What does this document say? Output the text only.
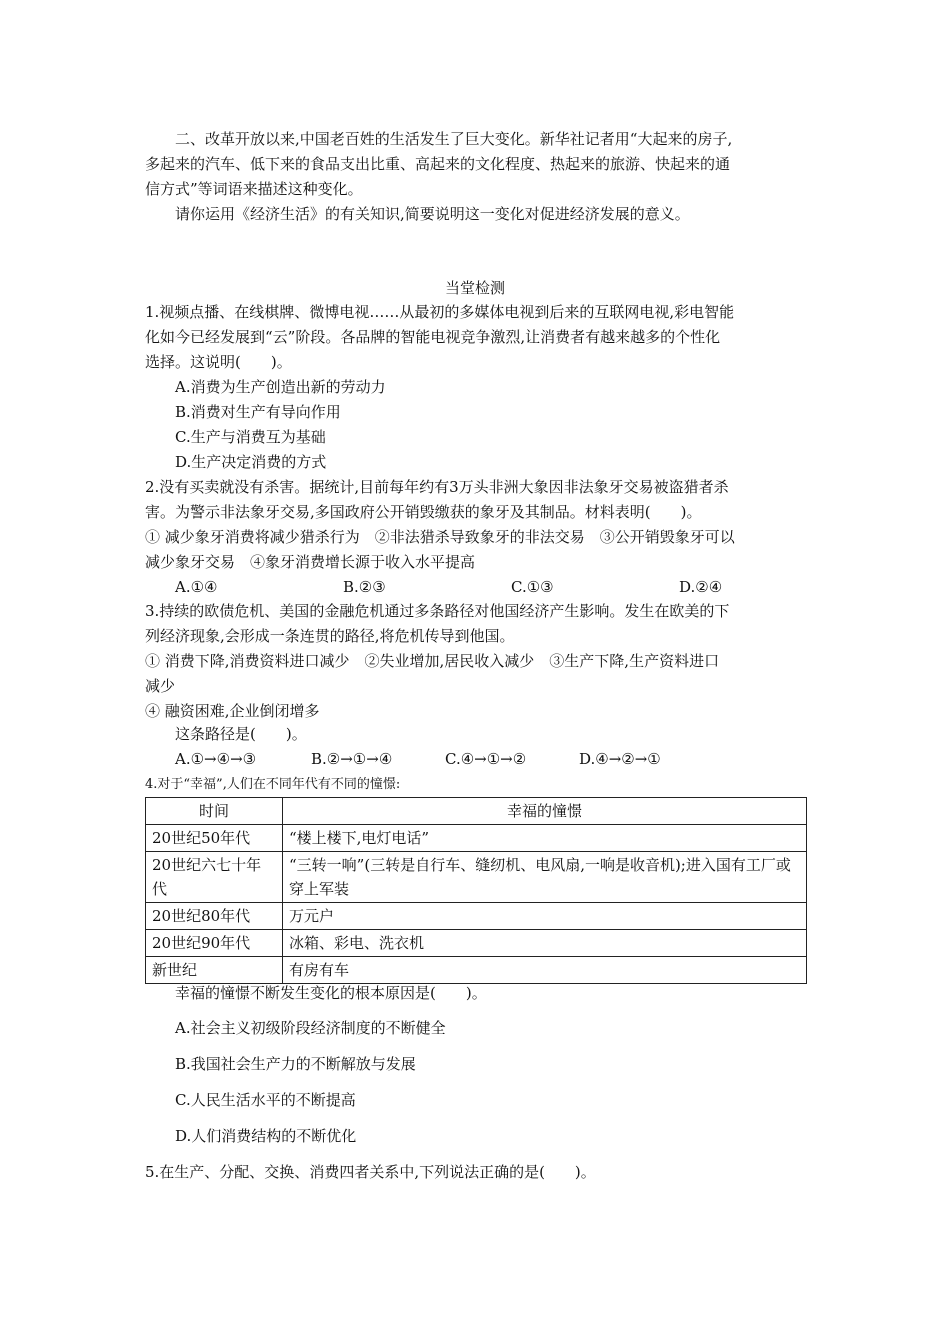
二、改革开放以来,中国老百姓的生活发生了巨大变化。新华社记者用“大起来的房子,
多起来的汽车、低下来的食品支出比重、高起来的文化程度、热起来的旅游、快起来的通
信方式”等词语来描述这种变化。
请你运用《经济生活》的有关知识,简要说明这一变化对促进经济发展的意义。
当堂检测
1.视频点播、在线棋牌、微博电视……从最初的多媒体电视到后来的互联网电视,彩电智能
化如今已经发展到“云”阶段。各品牌的智能电视竞争激烈,让消费者有越来越多的个性化
选择。这说明(　　)。
A.消费为生产创造出新的劳动力
B.消费对生产有导向作用
C.生产与消费互为基础
D.生产决定消费的方式
2.没有买卖就没有杀害。据统计,目前每年约有3万头非洲大象因非法象牙交易被盗猎者杀
害。为警示非法象牙交易,多国政府公开销毁缴获的象牙及其制品。材料表明(　　)。
① 减少象牙消费将减少猎杀行为　②非法猎杀导致象牙的非法交易　③公开销毁象牙可以
减少象牙交易　④象牙消费增长源于收入水平提高
A.①④	B.②③	C.①③	D.②④
3.持续的欧债危机、美国的金融危机通过多条路径对他国经济产生影响。发生在欧美的下
列经济现象,会形成一条连贯的路径,将危机传导到他国。
① 消费下降,消费资料进口减少　②失业增加,居民收入减少　③生产下降,生产资料进口
减少
④ 融资困难,企业倒闭增多
这条路径是(　　)。
A.①→④→③	B.②→①→④	C.④→①→②	D.④→②→①
4.对于“幸福”,人们在不同年代有不同的憧憬:
时间	幸福的憧憬
20世纪50年代	“楼上楼下,电灯电话”
20世纪六七十年代	“三转一响”(三转是自行车、缝纫机、电风扇,一响是收音机);进入国有工厂或穿上军装
20世纪80年代	万元户
20世纪90年代	冰箱、彩电、洗衣机
新世纪	有房有车
幸福的憧憬不断发生变化的根本原因是(　　)。
A.社会主义初级阶段经济制度的不断健全
B.我国社会生产力的不断解放与发展
C.人民生活水平的不断提高
D.人们消费结构的不断优化
5.在生产、分配、交换、消费四者关系中,下列说法正确的是(　　)。
